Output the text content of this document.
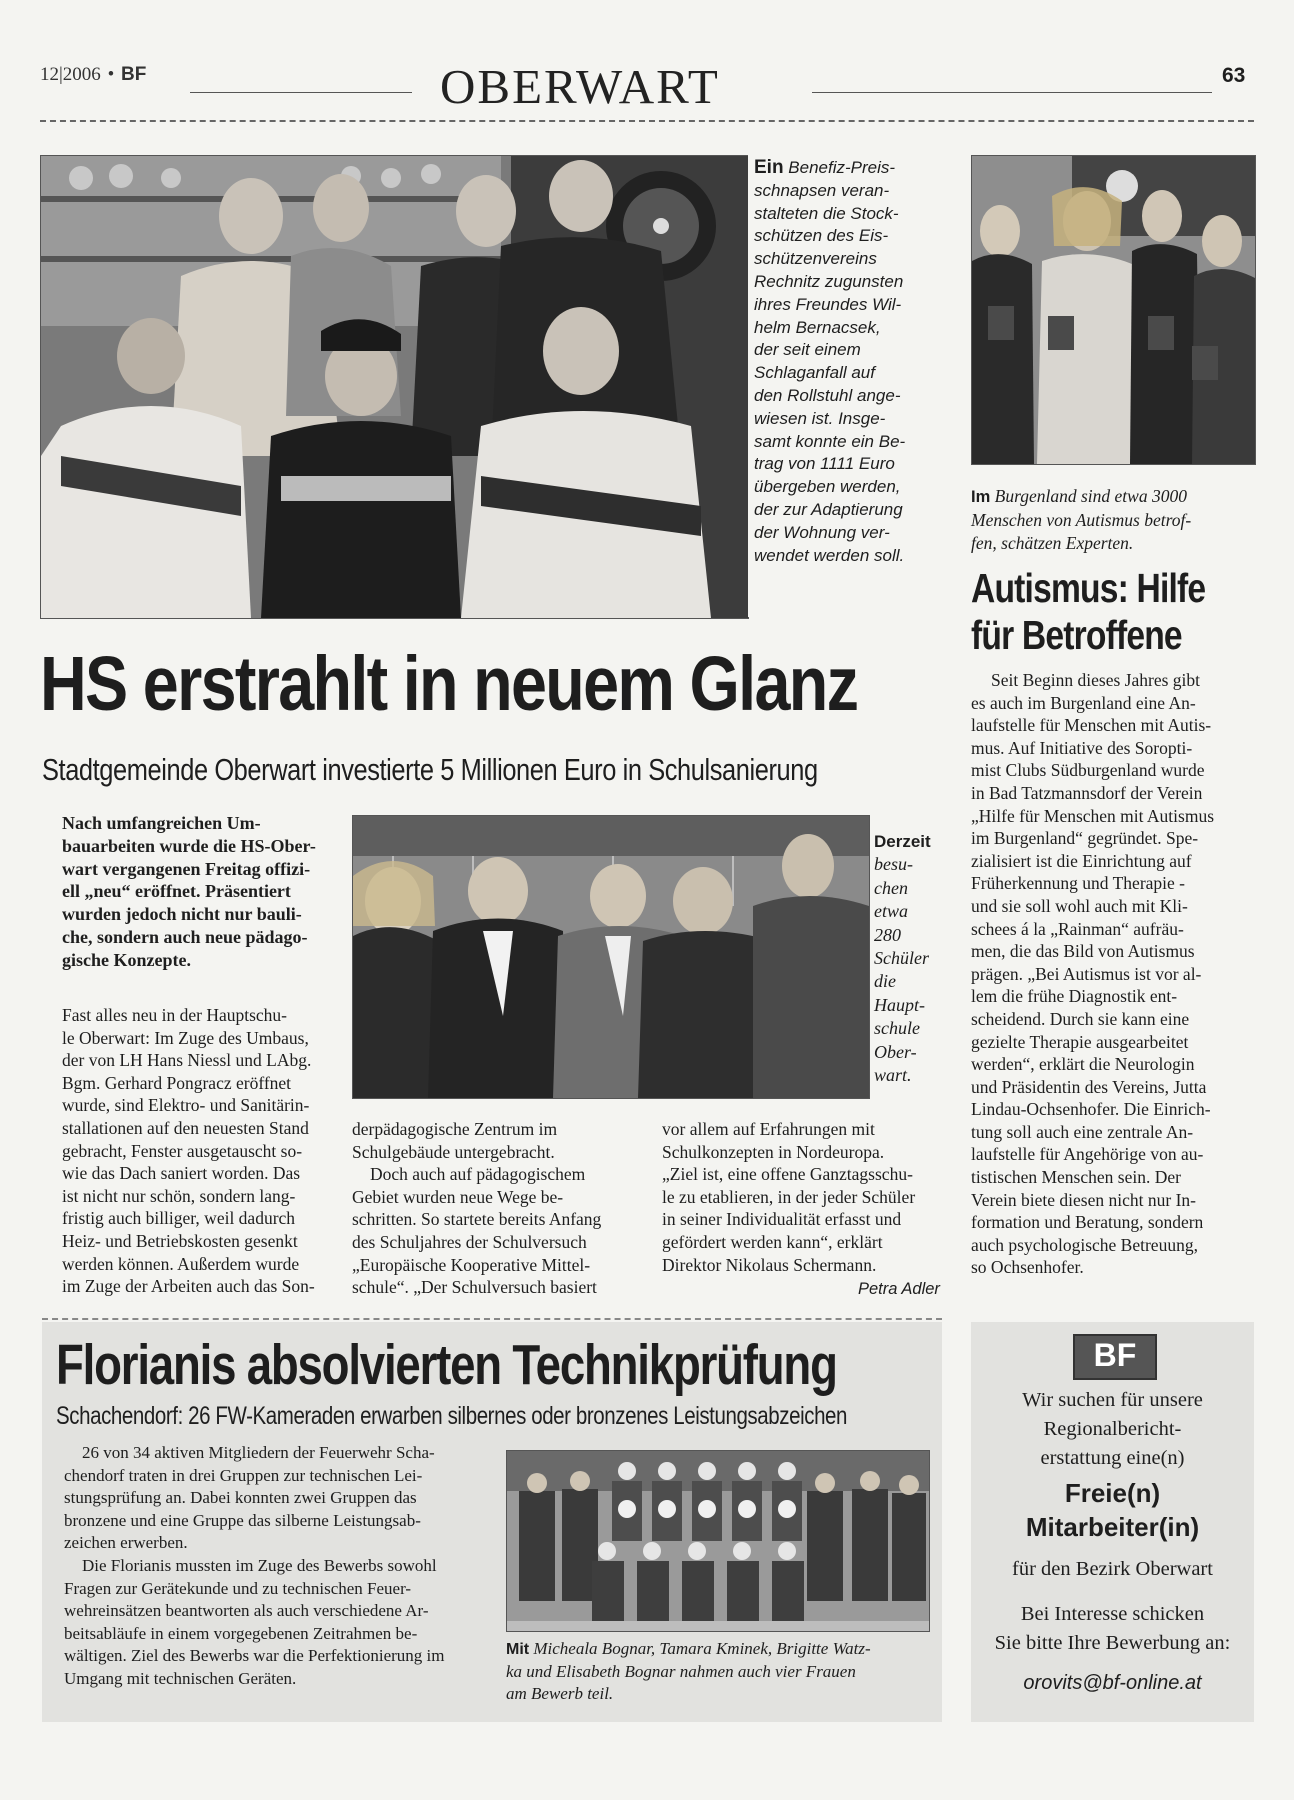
12|2006 • BF	OBERWART	63
Ein Benefiz-Preis-
schnapsen veran-
stalteten die Stock-
schützen des Eis-
schützenvereins
Rechnitz zugunsten
ihres Freundes Wil-
helm Bernacsek,
der seit einem
Schlaganfall auf
den Rollstuhl ange-
wiesen ist. Insge-
samt konnte ein Be-
trag von 1111 Euro
übergeben werden,
der zur Adaptierung
der Wohnung ver-
wendet werden soll.
HS erstrahlt in neuem Glanz
Stadtgemeinde Oberwart investierte 5 Millionen Euro in Schulsanierung
Nach umfangreichen Um-
bauarbeiten wurde die HS-Ober-
wart vergangenen Freitag offizi-
ell „neu“ eröffnet. Präsentiert
wurden jedoch nicht nur bauli-
che, sondern auch neue pädago-
gische Konzepte.
Fast alles neu in der Hauptschu-
le Oberwart: Im Zuge des Umbaus,
der von LH Hans Niessl und LAbg.
Bgm. Gerhard Pongracz eröffnet
wurde, sind Elektro- und Sanitärin-
stallationen auf den neuesten Stand
gebracht, Fenster ausgetauscht so-
wie das Dach saniert worden. Das
ist nicht nur schön, sondern lang-
fristig auch billiger, weil dadurch
Heiz- und Betriebskosten gesenkt
werden können. Außerdem wurde
im Zuge der Arbeiten auch das Son-
Derzeit
besu-
chen
etwa
280
Schüler
die
Haupt-
schule
Ober-
wart.
derpädagogische Zentrum im
Schulgebäude untergebracht.
Doch auch auf pädagogischem
Gebiet wurden neue Wege be-
schritten. So startete bereits Anfang
des Schuljahres der Schulversuch
„Europäische Kooperative Mittel-
schule“. „Der Schulversuch basiert
vor allem auf Erfahrungen mit
Schulkonzepten in Nordeuropa.
„Ziel ist, eine offene Ganztagsschu-
le zu etablieren, in der jeder Schüler
in seiner Individualität erfasst und
gefördert werden kann“, erklärt
Direktor Nikolaus Schermann.
Petra Adler
Im Burgenland sind etwa 3000
Menschen von Autismus betrof-
fen, schätzen Experten.
Autismus: Hilfe
für Betroffene
Seit Beginn dieses Jahres gibt
es auch im Burgenland eine An-
laufstelle für Menschen mit Autis-
mus. Auf Initiative des Soropti-
mist Clubs Südburgenland wurde
in Bad Tatzmannsdorf der Verein
„Hilfe für Menschen mit Autismus
im Burgenland“ gegründet. Spe-
zialisiert ist die Einrichtung auf
Früherkennung und Therapie -
und sie soll wohl auch mit Kli-
schees á la „Rainman“ aufräu-
men, die das Bild von Autismus
prägen. „Bei Autismus ist vor al-
lem die frühe Diagnostik ent-
scheidend. Durch sie kann eine
gezielte Therapie ausgearbeitet
werden“, erklärt die Neurologin
und Präsidentin des Vereins, Jutta
Lindau-Ochsenhofer. Die Einrich-
tung soll auch eine zentrale An-
laufstelle für Angehörige von au-
tistischen Menschen sein. Der
Verein biete diesen nicht nur In-
formation und Beratung, sondern
auch psychologische Betreuung,
so Ochsenhofer.
Florianis absolvierten Technikprüfung
Schachendorf: 26 FW-Kameraden erwarben silbernes oder bronzenes Leistungsabzeichen
26 von 34 aktiven Mitgliedern der Feuerwehr Scha-
chendorf traten in drei Gruppen zur technischen Lei-
stungsprüfung an. Dabei konnten zwei Gruppen das
bronzene und eine Gruppe das silberne Leistungsab-
zeichen erwerben.
Die Florianis mussten im Zuge des Bewerbs sowohl
Fragen zur Gerätekunde und zu technischen Feuer-
wehreinsätzen beantworten als auch verschiedene Ar-
beitsabläufe in einem vorgegebenen Zeitrahmen be-
wältigen. Ziel des Bewerbs war die Perfektionierung im
Umgang mit technischen Geräten.
Mit Micheala Bognar, Tamara Kminek, Brigitte Watz-
ka und Elisabeth Bognar nahmen auch vier Frauen
am Bewerb teil.
BF
Wir suchen für unsere
Regionalbericht-
erstattung eine(n)
Freie(n)
Mitarbeiter(in)
für den Bezirk Oberwart
Bei Interesse schicken
Sie bitte Ihre Bewerbung an:
orovits@bf-online.at
